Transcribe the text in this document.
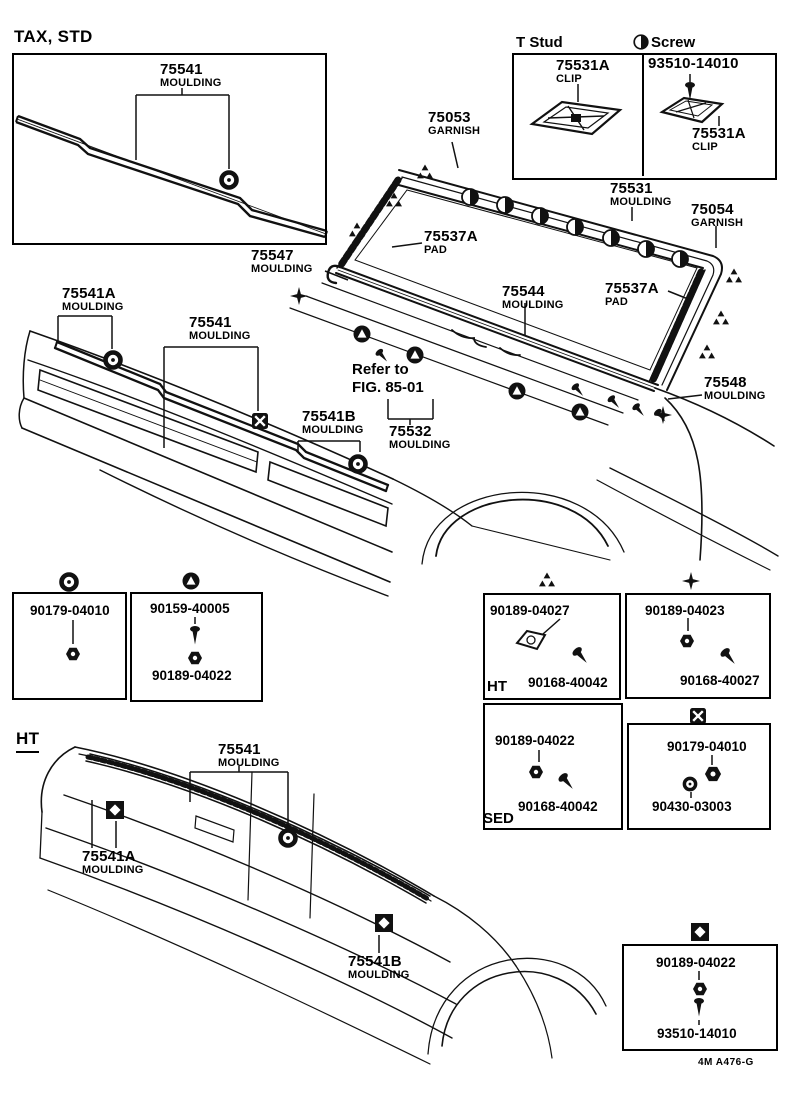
TAX, STD	T Stud	Screw
HT
75541
MOULDING
75531A
CLIP
93510-14010
75531A
CLIP
75053
GARNISH
75531
MOULDING 75054
GARNISH
75537A
PAD
75547
MOULDING
75544
MOULDING
75537A
PAD
75548
MOULDING
75541A
MOULDING
75541
MOULDING
Refer to
FIG. 85-01
75541B
MOULDING 75532
MOULDING
75541
MOULDING
75541A
MOULDING
75541B
MOULDING
90179-04010	90159-40005
90189-04022
90189-04027
90168-40042
HT
90189-04023
90168-40027
90189-04022
90168-40042
SED
90179-04010
90430-03003
90189-04022
93510-14010
4M A476-G
